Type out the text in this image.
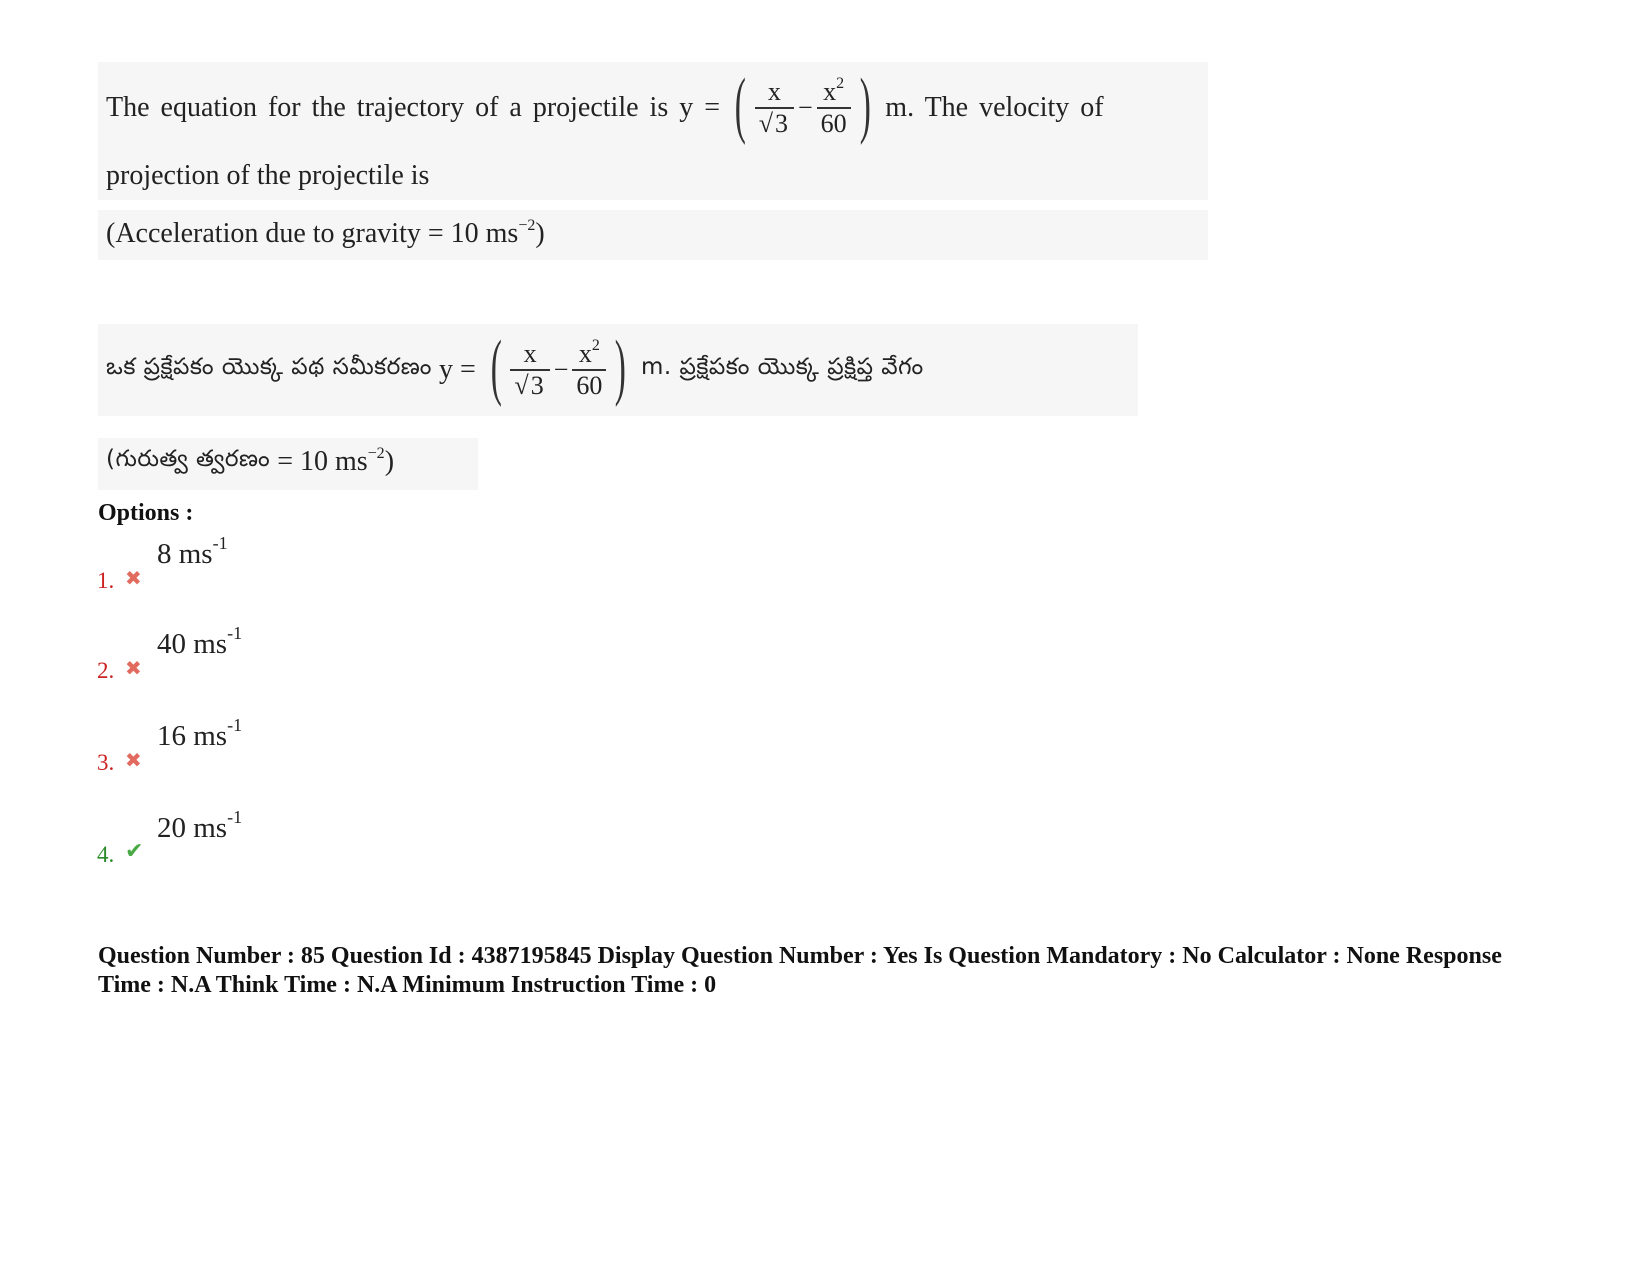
The equation for the trajectory of a projectile is
y = ( $\frac{x}{√3} - \frac{x^2}{60}$ ) m. The velocity of
projection of the projectile is
(Acceleration due to gravity = 10 $ms^{-2}$)
ఒక ప్రక్షేపకం యొక్క పథ సమీకరణం
y = ( $\frac{x}{√3} - \frac{x^2}{60}$ ) m. ప్రక్షేపకం యొక్క ప్రక్షిప్త వేగం
(గురుత్వ త్వరణం
= 10 $ms^{-2}$)
Options :
1. ✖
8 $ms^{-1}$
2. ✖
40 $ms^{-1}$
3. ✖
16 $ms^{-1}$
4. ✔
20 $ms^{-1}$
Question Number : 85 Question Id : 4387195845 Display Question Number : Yes Is Question Mandatory : No Calculator : None Response
Time : N.A Think Time : N.A Minimum Instruction Time : 0
